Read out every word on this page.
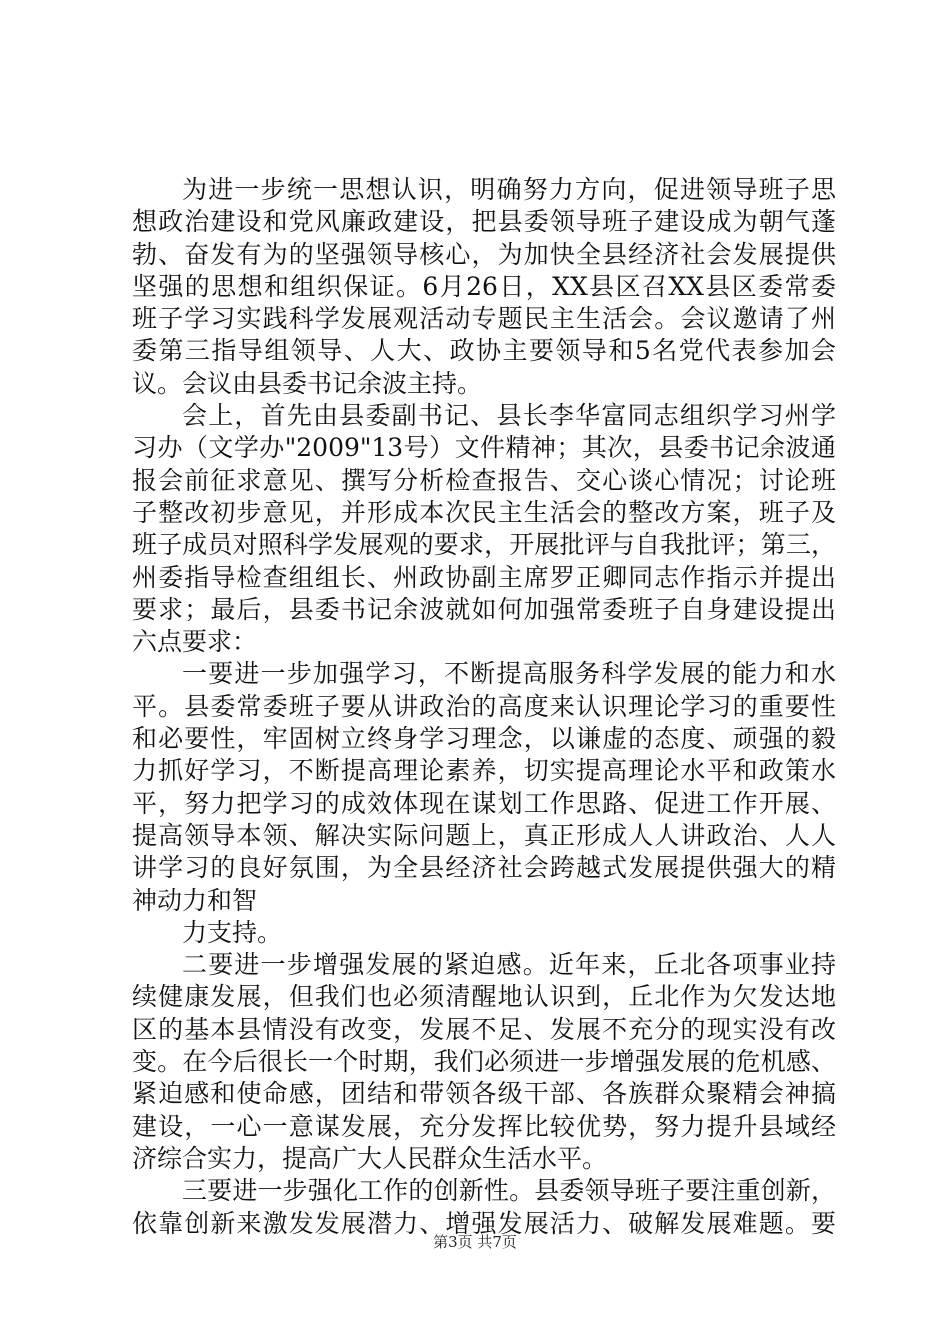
为进一步统一思想认识，明确努力方向，促进领导班子思
想政治建设和党风廉政建设，把县委领导班子建设成为朝气蓬
勃、奋发有为的坚强领导核心，为加快全县经济社会发展提供
坚强的思想和组织保证。6月26日，XX县区召XX县区委常委
班子学习实践科学发展观活动专题民主生活会。会议邀请了州
委第三指导组领导、人大、政协主要领导和5名党代表参加会
议。会议由县委书记余波主持。
会上，首先由县委副书记、县长李华富同志组织学习州学
习办（文学办"2009"13号）文件精神；其次，县委书记余波通
报会前征求意见、撰写分析检查报告、交心谈心情况；讨论班
子整改初步意见，并形成本次民主生活会的整改方案，班子及
班子成员对照科学发展观的要求，开展批评与自我批评；第三，
州委指导检查组组长、州政协副主席罗正卿同志作指示并提出
要求；最后，县委书记余波就如何加强常委班子自身建设提出
六点要求：
一要进一步加强学习，不断提高服务科学发展的能力和水
平。县委常委班子要从讲政治的高度来认识理论学习的重要性
和必要性，牢固树立终身学习理念，以谦虚的态度、顽强的毅
力抓好学习，不断提高理论素养，切实提高理论水平和政策水
平，努力把学习的成效体现在谋划工作思路、促进工作开展、
提高领导本领、解决实际问题上，真正形成人人讲政治、人人
讲学习的良好氛围，为全县经济社会跨越式发展提供强大的精
神动力和智
力支持。
二要进一步增强发展的紧迫感。近年来，丘北各项事业持
续健康发展，但我们也必须清醒地认识到，丘北作为欠发达地
区的基本县情没有改变，发展不足、发展不充分的现实没有改
变。在今后很长一个时期，我们必须进一步增强发展的危机感、
紧迫感和使命感，团结和带领各级干部、各族群众聚精会神搞
建设，一心一意谋发展，充分发挥比较优势，努力提升县域经
济综合实力，提高广大人民群众生活水平。
三要进一步强化工作的创新性。县委领导班子要注重创新，
依靠创新来激发发展潜力、增强发展活力、破解发展难题。要
第3页 共7页
